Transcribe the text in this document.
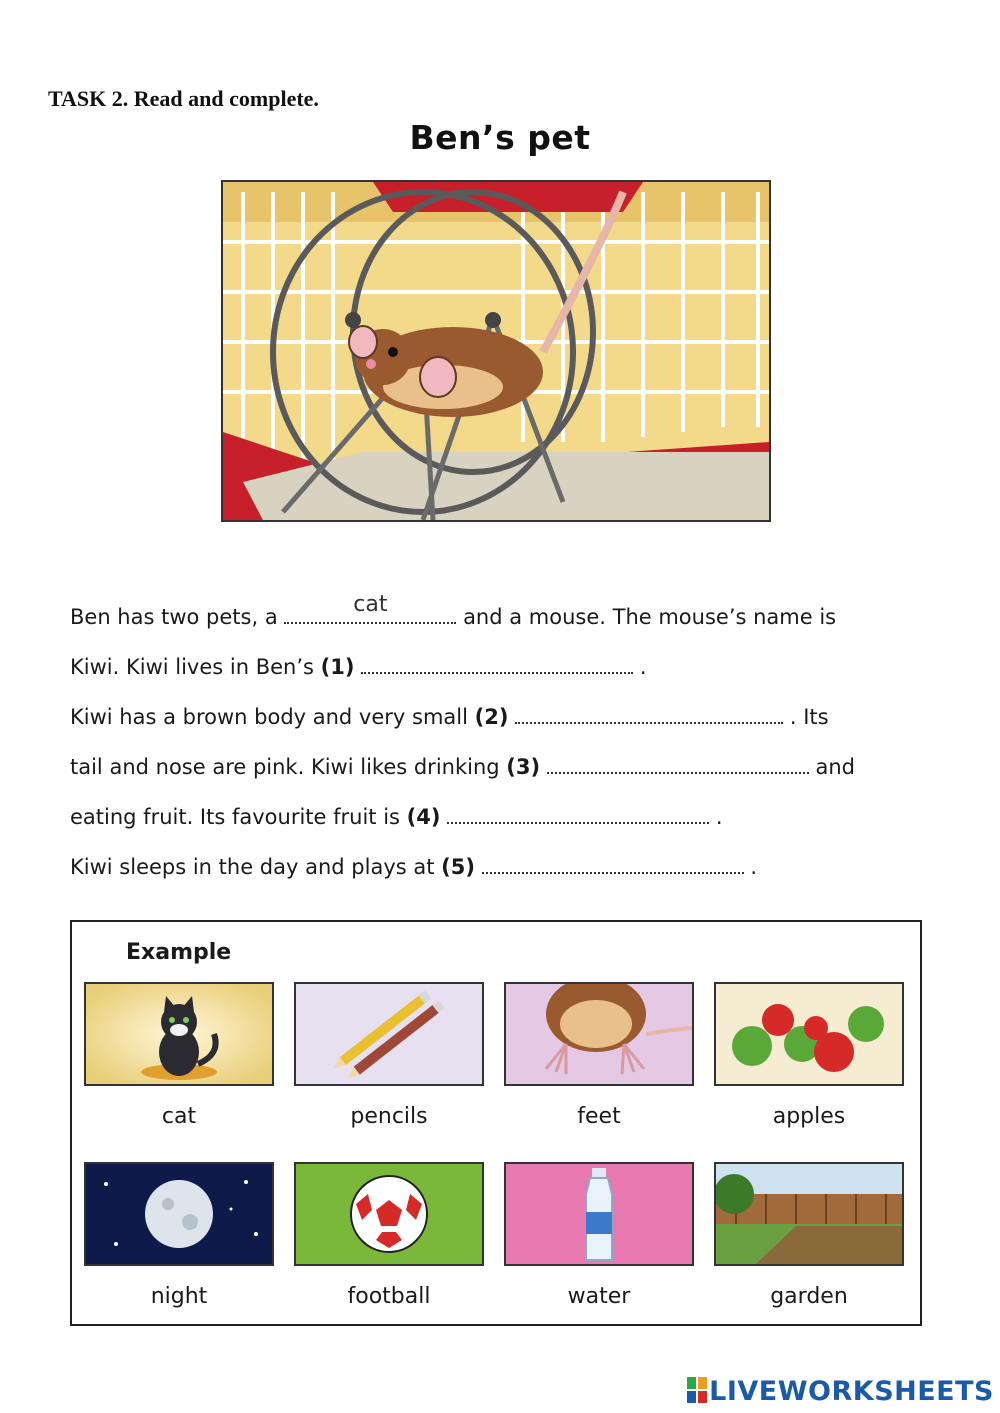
TASK 2. Read and complete.
Ben’s pet
Ben has two pets, a	cat	and a mouse. The mouse’s name is
Kiwi. Kiwi lives in Ben’s (1)	.
Kiwi has a brown body and very small (2)	. Its
tail and nose are pink. Kiwi likes drinking (3)	and
eating fruit. Its favourite fruit is (4)	.
Kiwi sleeps in the day and plays at (5)	.
Example
cat	pencils	feet	apples
night	football	water	garden
LIVEWORKSHEETS
